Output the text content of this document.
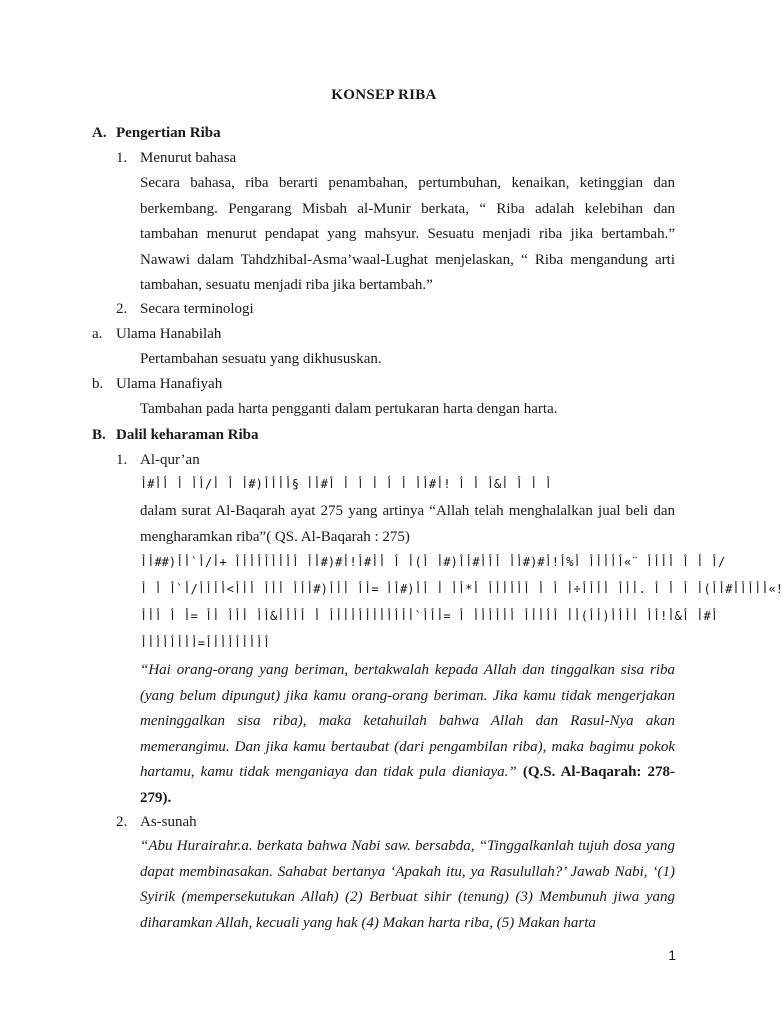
KONSEP RIBA
A. Pengertian Riba
1. Menurut bahasa
Secara bahasa, riba berarti penambahan, pertumbuhan, kenaikan, ketinggian dan berkembang. Pengarang Misbah al-Munir berkata, “ Riba adalah kelebihan dan tambahan menurut pendapat yang mahsyur. Sesuatu menjadi riba jika bertambah.” Nawawi dalam Tahdzhibal-Asma’waal-Lughat menjelaskan, “ Riba mengandung arti tambahan, sesuatu menjadi riba jika bertambah.”
2. Secara terminologi
a. Ulama Hanabilah
Pertambahan sesuatu yang dikhususkan.
b. Ulama Hanafiyah
Tambahan pada harta pengganti dalam pertukaran harta dengan harta.
B. Dalil keharaman Riba
1. Al-qur’an
أ أ أ أ&أ أ أ !أ#أأ أ أ أ أ أ أ#أأ §أأأأ(#أ أ أ/أأ أ أأ#أ
dalam surat Al-Baqarah ayat 275 yang artinya “Allah telah menghalalkan jual beli dan mengharamkan riba”( QS. Al-Baqarah : 275)
أ أ أ أأأأ ¨»أأأأأ أ%أ!أ#(#أأ أأأ#أأ(#أ أ)أ أ أأ#أ!أ#(#أأ أأأأأأأأأ +أ/أ`أأ(##أأ/
أأأأأ#أأ)أ أ أ أ .أأأ أأأأ÷أ أ أ أأأأأأ أ*أأ أ أأ(#أأ =أأ أأأ(#أأأ أأأ أأأ>أأأأ/أ`أ أ أ«!
أ#أ أ&أ!أأ أأأأ(أأ)أأ أأأأأ أأأأأأ أ =أأأ`أأأأأأأأأأأأ أ أأأأ&أأ أأأ أأ =أ أ أأأ
أأأأأأأأأ=أأأأأأأأ
“Hai orang-orang yang beriman, bertakwalah kepada Allah dan tinggalkan sisa riba (yang belum dipungut) jika kamu orang-orang beriman. Jika kamu tidak mengerjakan meninggalkan sisa riba), maka ketahuilah bahwa Allah dan Rasul-Nya akan memerangimu. Dan jika kamu bertaubat (dari pengambilan riba), maka bagimu pokok hartamu, kamu tidak menganiaya dan tidak pula dianiaya.” (Q.S. Al-Baqarah: 278-279).
2. As-sunah
“Abu Hurairahr.a. berkata bahwa Nabi saw. bersabda, “Tinggalkanlah tujuh dosa yang dapat membinasakan. Sahabat bertanya ‘Apakah itu, ya Rasulullah?’ Jawab Nabi, ‘(1) Syirik (mempersekutukan Allah) (2) Berbuat sihir (tenung) (3) Membunuh jiwa yang diharamkan Allah, kecuali yang hak (4) Makan harta riba, (5) Makan harta
1
